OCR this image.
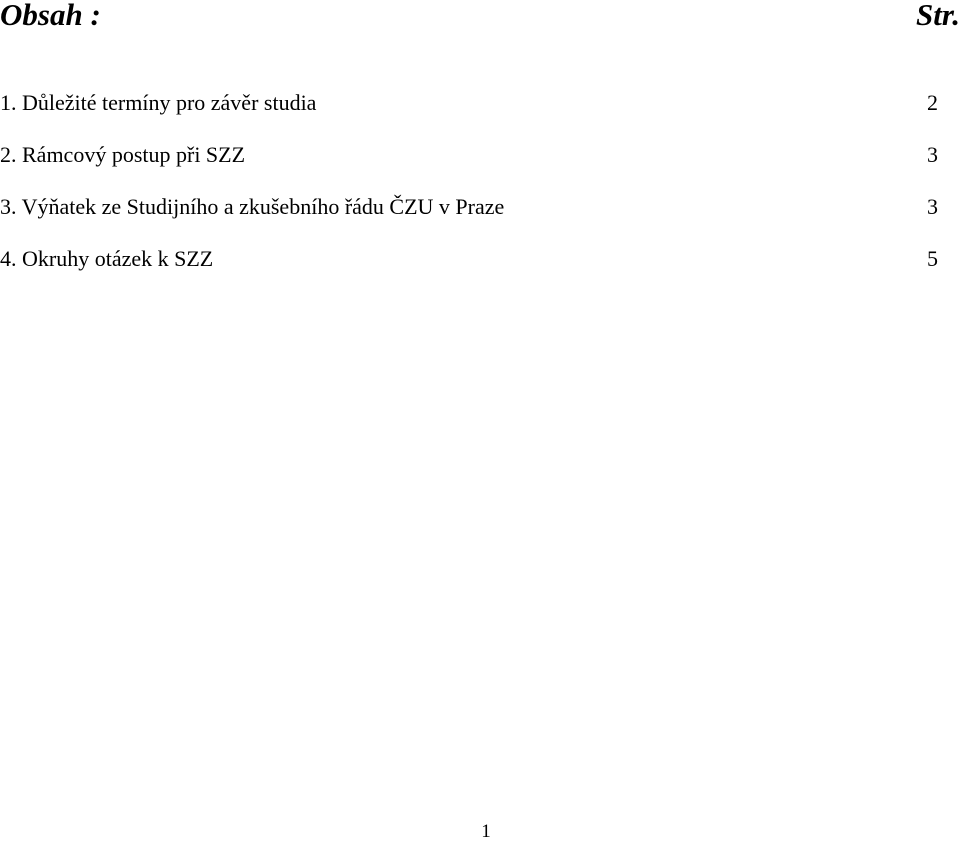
Obsah :	Str.
1. Důležité termíny pro závěr studia	2
2. Rámcový postup při SZZ	3
3. Výňatek ze Studijního a zkušebního řádu ČZU v Praze	3
4. Okruhy otázek k SZZ	5
1
